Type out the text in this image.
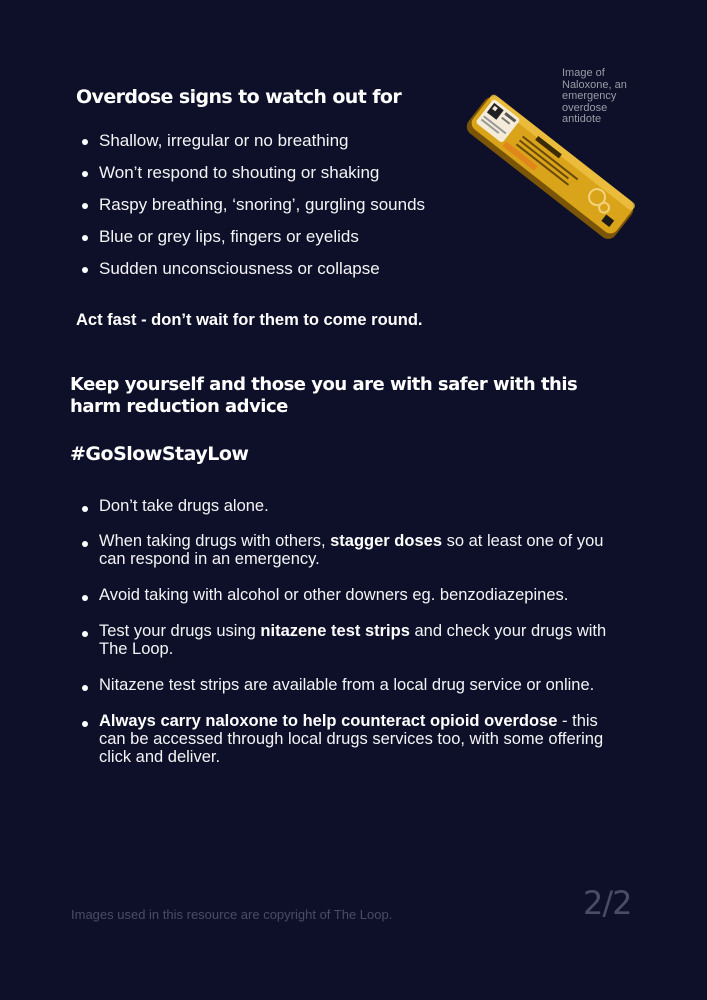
Overdose signs to watch out for
Shallow, irregular or no breathing
Won’t respond to shouting or shaking
Raspy breathing, ‘snoring’, gurgling sounds
Blue or grey lips, fingers or eyelids
Sudden unconsciousness or collapse

Act fast - don’t wait for them to come round.

Image of Naloxone, an emergency overdose antidote
Keep yourself and those you are with safer with this harm reduction advice
#GoSlowStayLow
Don’t take drugs alone.
When taking drugs with others, stagger doses so at least one of you can respond in an emergency.
Avoid taking with alcohol or other downers eg. benzodiazepines.
Test your drugs using nitazene test strips and check your drugs with The Loop.
Nitazene test strips are available from a local drug service or online.
Always carry naloxone to help counteract opioid overdose - this can be accessed through local drugs services too, with some offering click and deliver.
Images used in this resource are copyright of The Loop.	2/2
